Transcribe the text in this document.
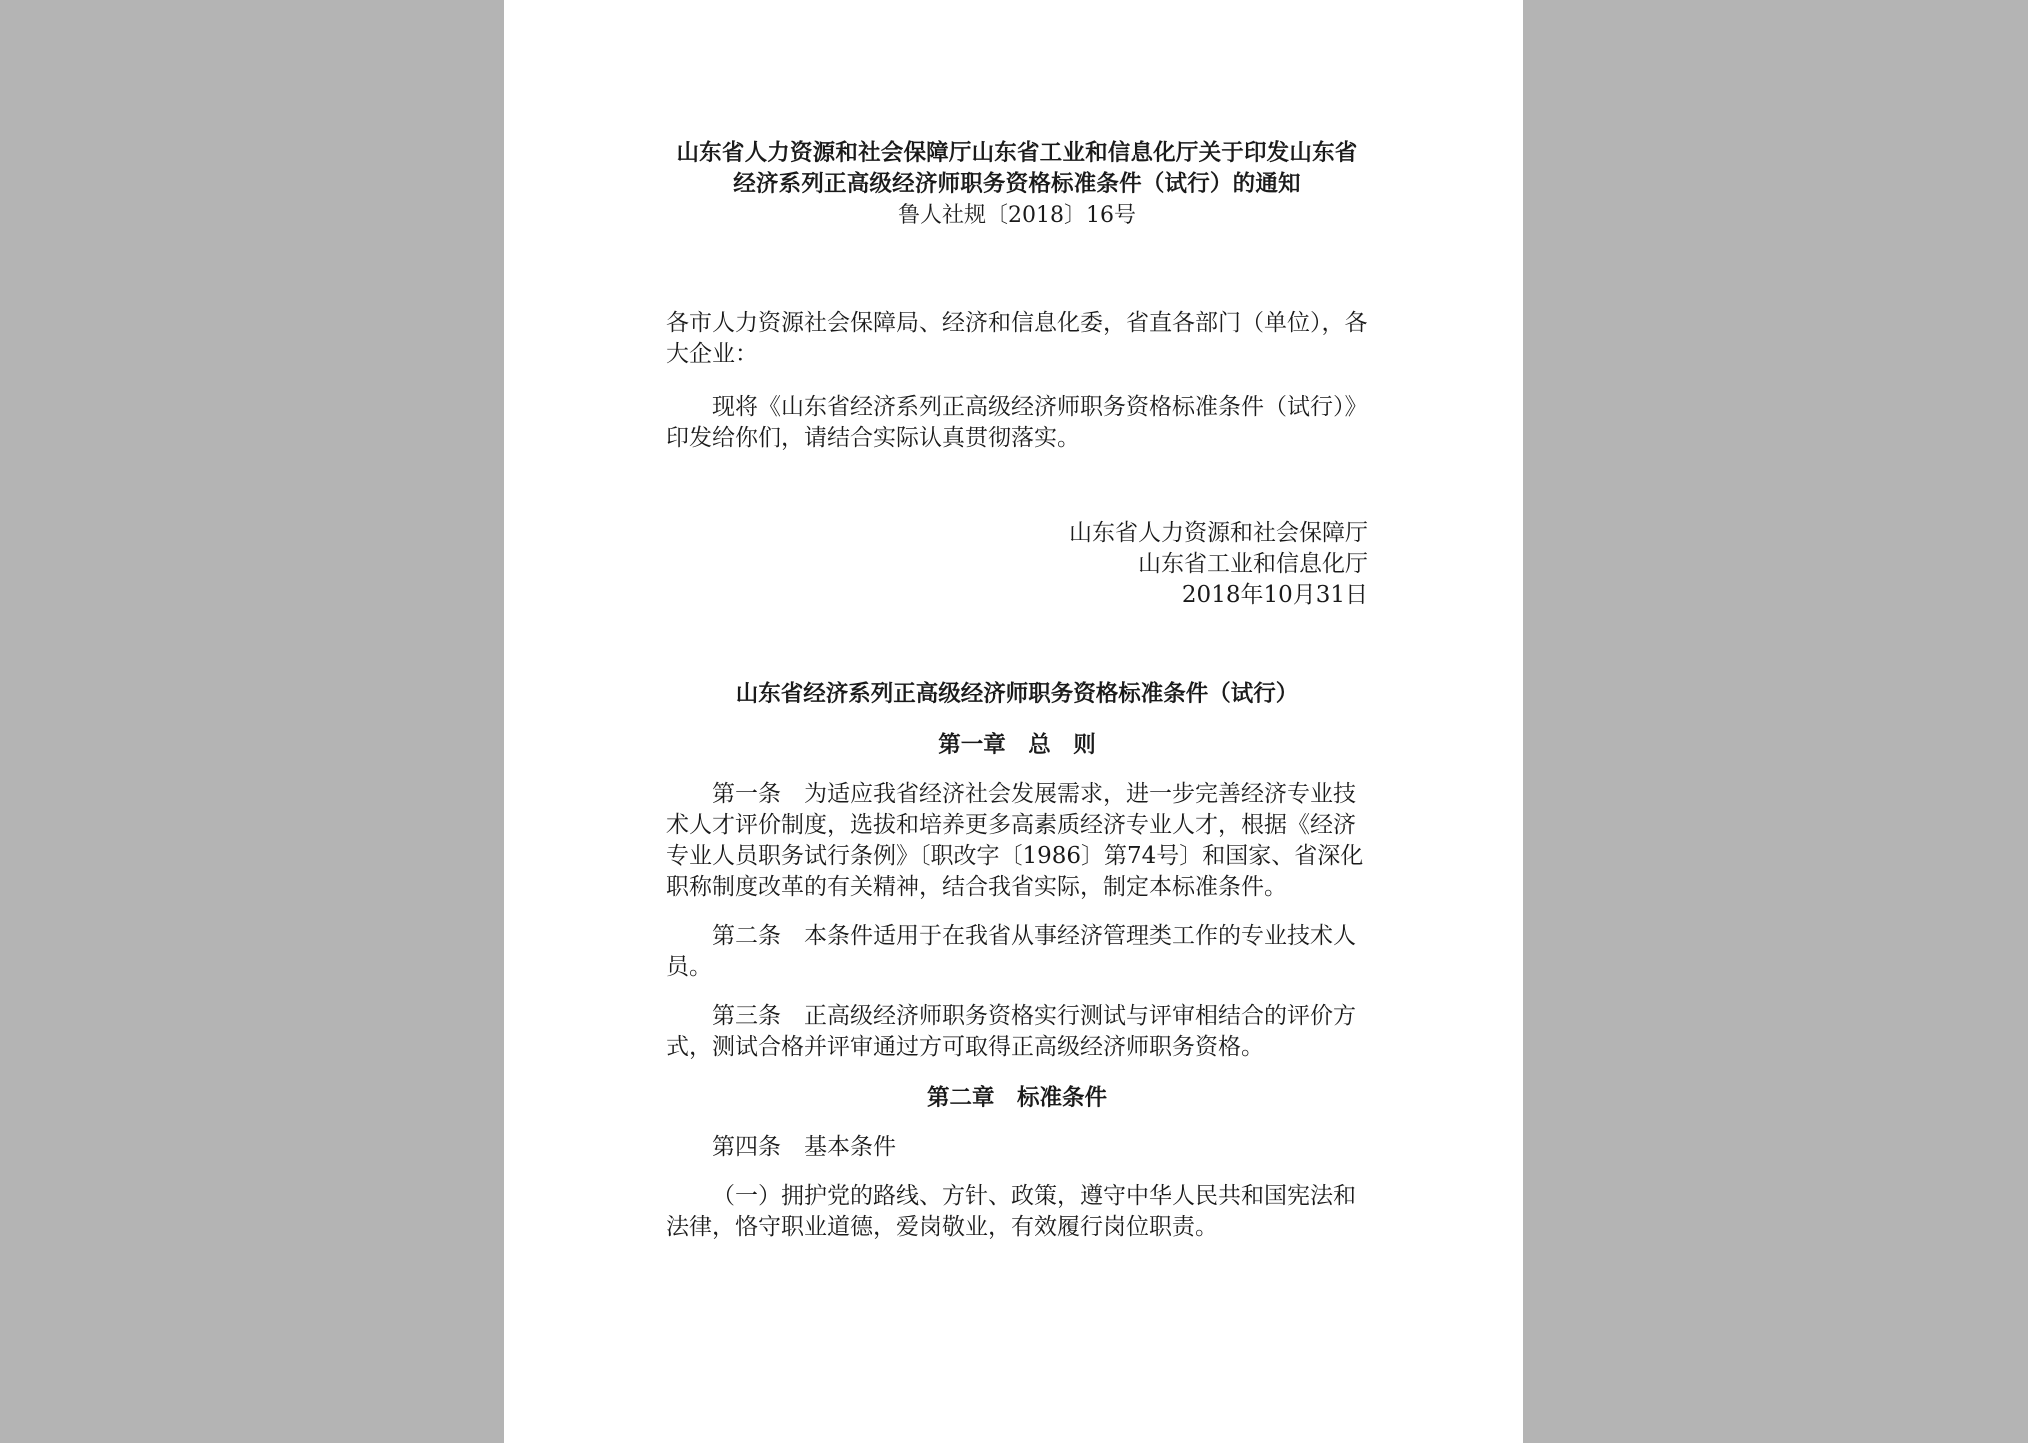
山东省人力资源和社会保障厅山东省工业和信息化厅关于印发山东省经济系列正高级经济师职务资格标准条件（试行）的通知
鲁人社规〔2018〕16号
各市人力资源社会保障局、经济和信息化委，省直各部门（单位），各大企业：

现将《山东省经济系列正高级经济师职务资格标准条件（试行）》印发给你们，请结合实际认真贯彻落实。

山东省人力资源和社会保障厅
山东省工业和信息化厅
2018年10月31日
山东省经济系列正高级经济师职务资格标准条件（试行）
第一章　总　则

第一条　为适应我省经济社会发展需求，进一步完善经济专业技术人才评价制度，选拔和培养更多高素质经济专业人才，根据《经济专业人员职务试行条例》〔职改字〔1986〕第74号〕和国家、省深化职称制度改革的有关精神，结合我省实际，制定本标准条件。

第二条　本条件适用于在我省从事经济管理类工作的专业技术人员。

第三条　正高级经济师职务资格实行测试与评审相结合的评价方式，测试合格并评审通过方可取得正高级经济师职务资格。

第二章　标准条件

第四条　基本条件

（一）拥护党的路线、方针、政策，遵守中华人民共和国宪法和法律，恪守职业道德，爱岗敬业，有效履行岗位职责。
